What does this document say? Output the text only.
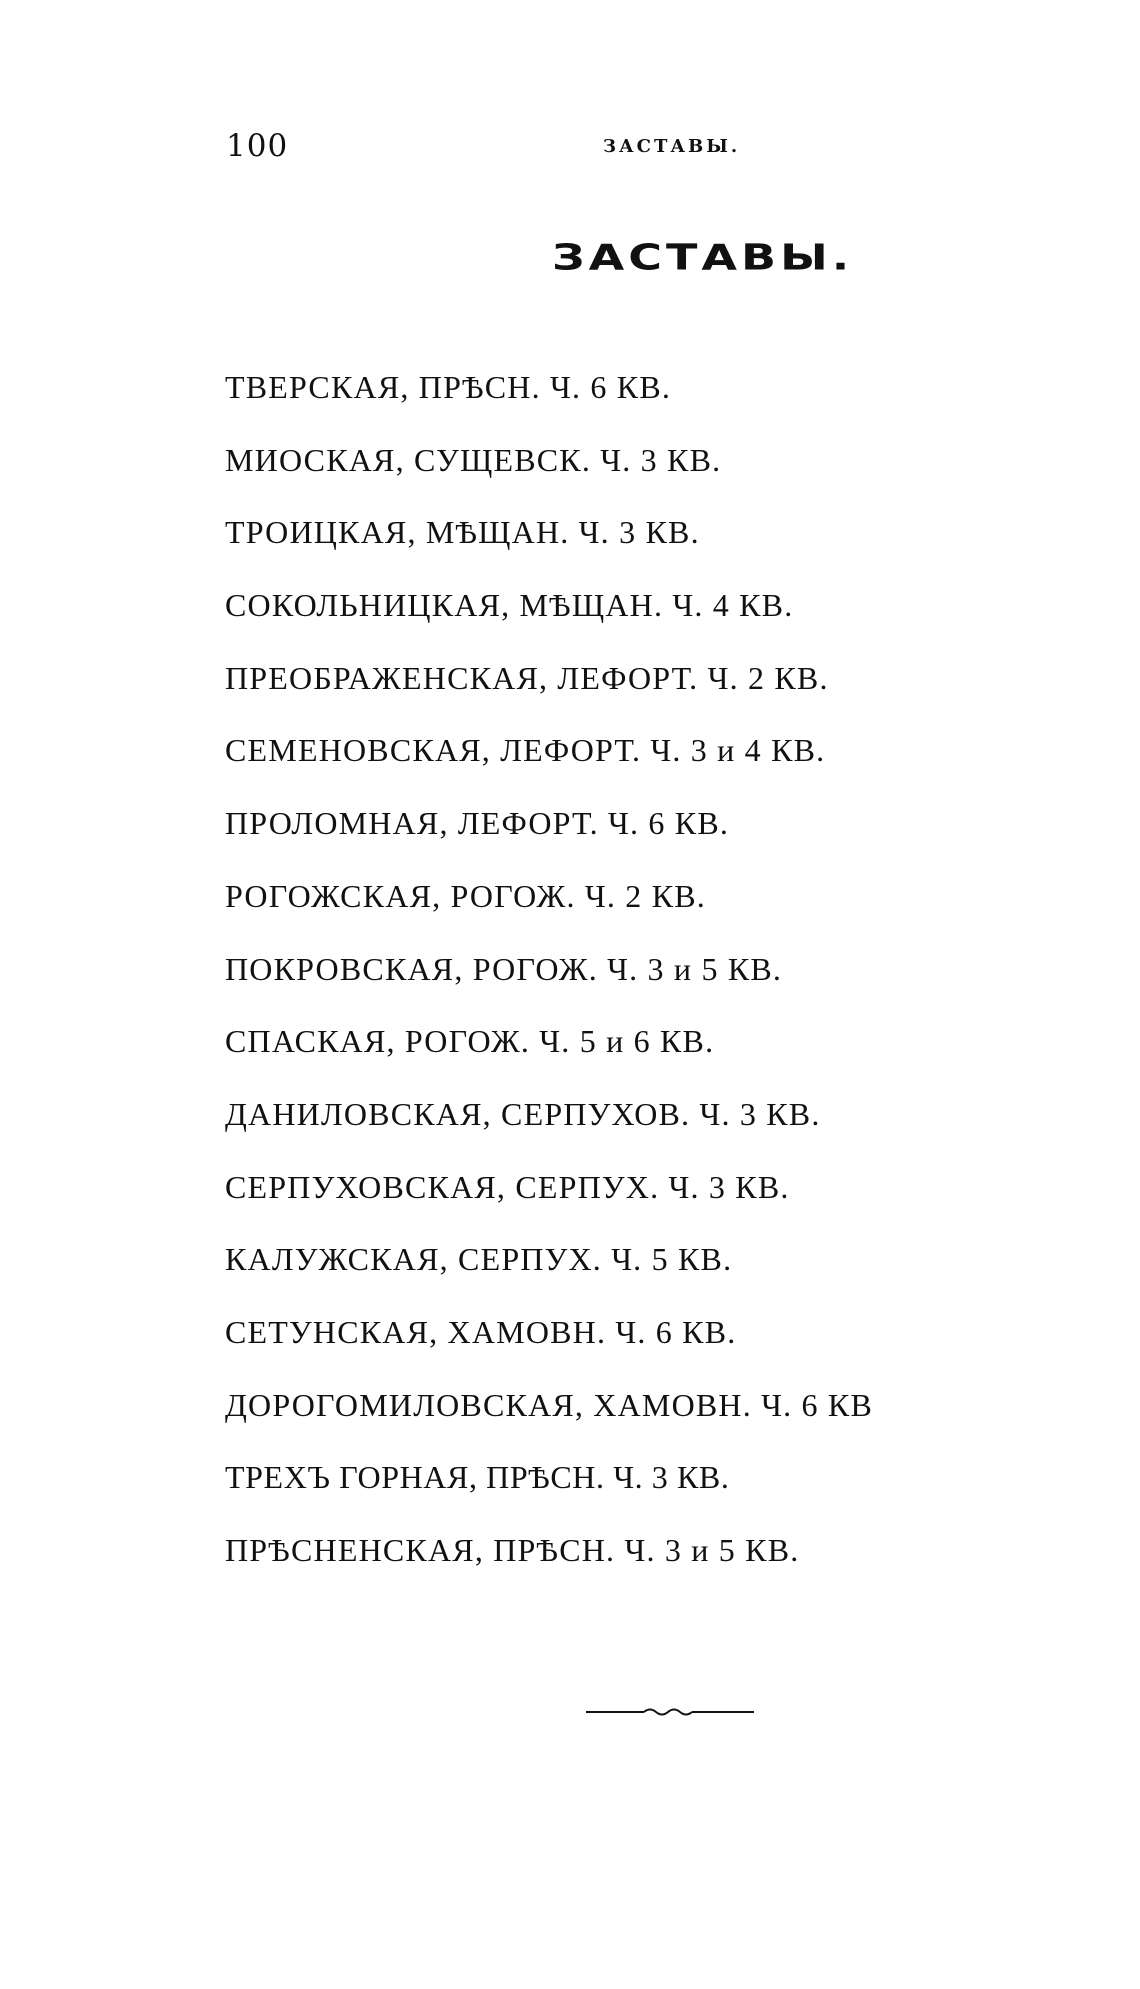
100	ЗАСТАВЫ.
ЗАСТАВЫ.
ТВЕРСКАЯ, ПРѢСН. Ч. 6 КВ.
МИОСКАЯ, СУЩЕВСК. Ч. 3 КВ.
ТРОИЦКАЯ, МѢЩАН. Ч. 3 КВ.
СОКОЛЬНИЦКАЯ, МѢЩАН. Ч. 4 КВ.
ПРЕОБРАЖЕНСКАЯ, ЛЕФОРТ. Ч. 2 КВ.
СЕМЕНОВСКАЯ, ЛЕФОРТ. Ч. 3 и 4 КВ.
ПРОЛОМНАЯ, ЛЕФОРТ. Ч. 6 КВ.
РОГОЖСКАЯ, РОГОЖ. Ч. 2 КВ.
ПОКРОВСКАЯ, РОГОЖ. Ч. 3 и 5 КВ.
СПАСКАЯ, РОГОЖ. Ч. 5 и 6 КВ.
ДАНИЛОВСКАЯ, СЕРПУХОВ. Ч. 3 КВ.
СЕРПУХОВСКАЯ, СЕРПУХ. Ч. 3 КВ.
КАЛУЖСКАЯ, СЕРПУХ. Ч. 5 КВ.
СЕТУНСКАЯ, ХАМОВН. Ч. 6 КВ.
ДОРОГОМИЛОВСКАЯ, ХАМОВН. Ч. 6 КВ
ТРЕХЪ ГОРНАЯ, ПРѢСН. Ч. 3 КВ.
ПРѢСНЕНСКАЯ, ПРѢСН. Ч. 3 и 5 КВ.
